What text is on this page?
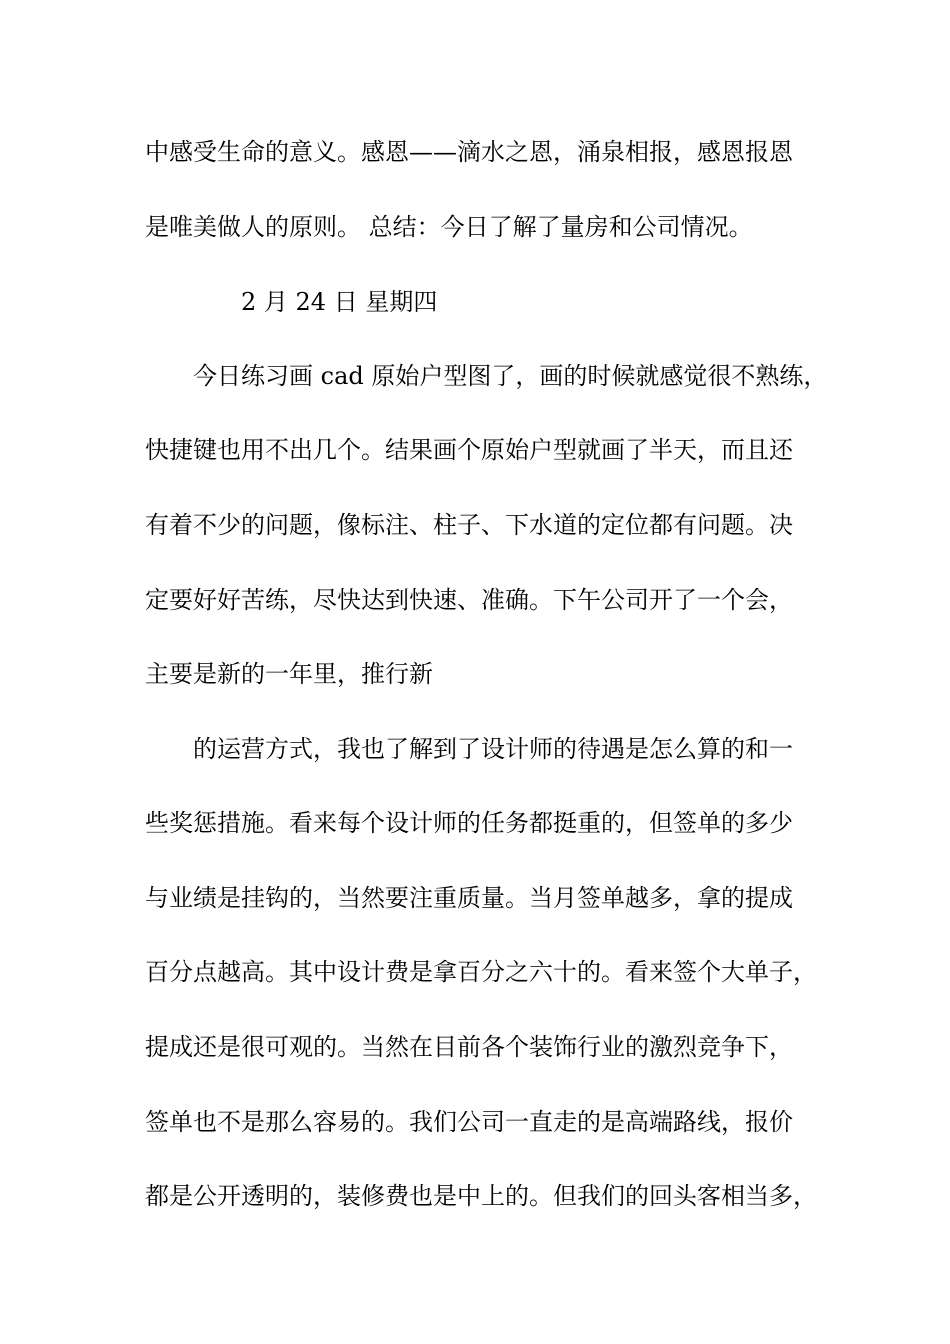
中感受生命的意义。感恩——滴水之恩，涌泉相报，感恩报恩
是唯美做人的原则。 总结：今日了解了量房和公司情况。
2 月 24 日 星期四
今日练习画 cad 原始户型图了，画的时候就感觉很不熟练，
快捷键也用不出几个。结果画个原始户型就画了半天，而且还
有着不少的问题，像标注、柱子、下水道的定位都有问题。决
定要好好苦练，尽快达到快速、准确。下午公司开了一个会，
主要是新的一年里，推行新
的运营方式，我也了解到了设计师的待遇是怎么算的和一
些奖惩措施。看来每个设计师的任务都挺重的，但签单的多少
与业绩是挂钩的，当然要注重质量。当月签单越多，拿的提成
百分点越高。其中设计费是拿百分之六十的。看来签个大单子，
提成还是很可观的。当然在目前各个装饰行业的激烈竞争下，
签单也不是那么容易的。我们公司一直走的是高端路线，报价
都是公开透明的，装修费也是中上的。但我们的回头客相当多，
